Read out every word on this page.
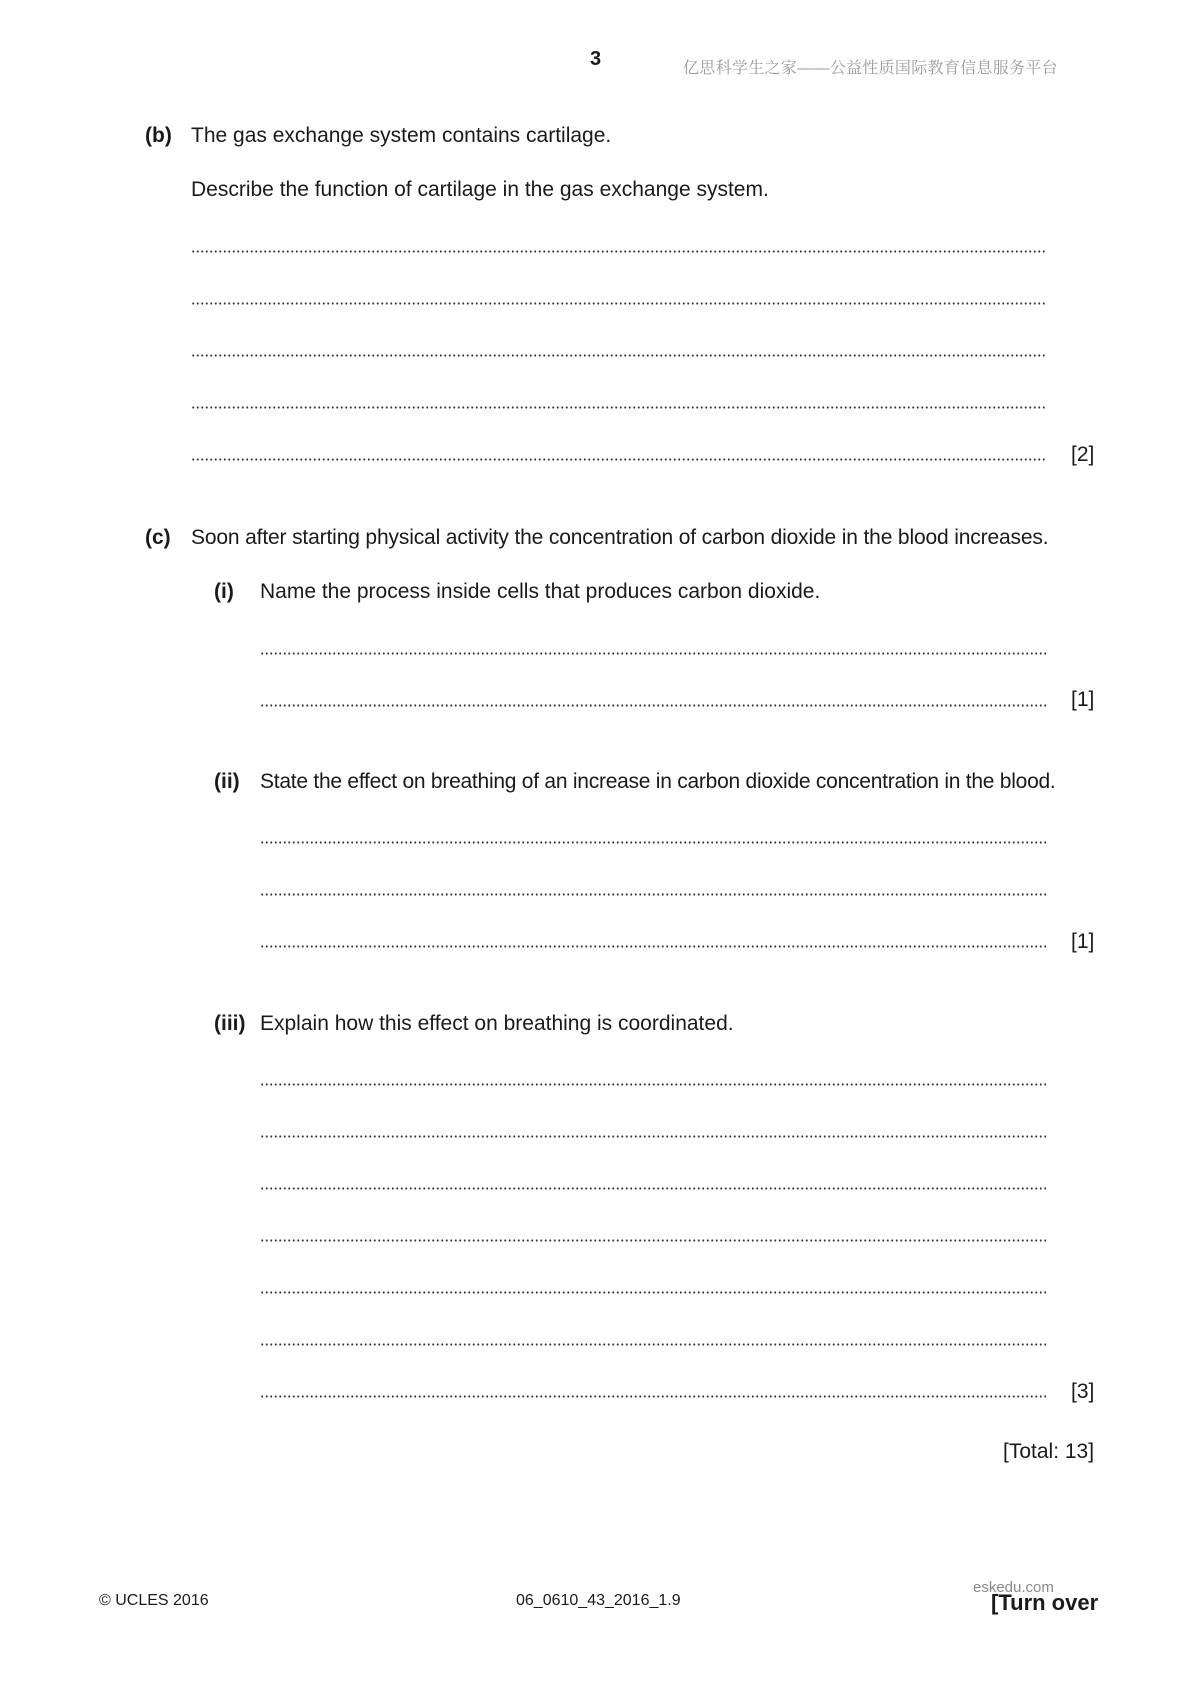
3	亿思科学生之家——公益性质国际教育信息服务平台
(b) The gas exchange system contains cartilage.
Describe the function of cartilage in the gas exchange system.
[2]
(c) Soon after starting physical activity the concentration of carbon dioxide in the blood increases.
(i) Name the process inside cells that produces carbon dioxide.
[1]
(ii) State the effect on breathing of an increase in carbon dioxide concentration in the blood.
[1]
(iii) Explain how this effect on breathing is coordinated.
[3]
[Total: 13]
© UCLES 2016	06_0610_43_2016_1.9
eskedu.com
[Turn over
